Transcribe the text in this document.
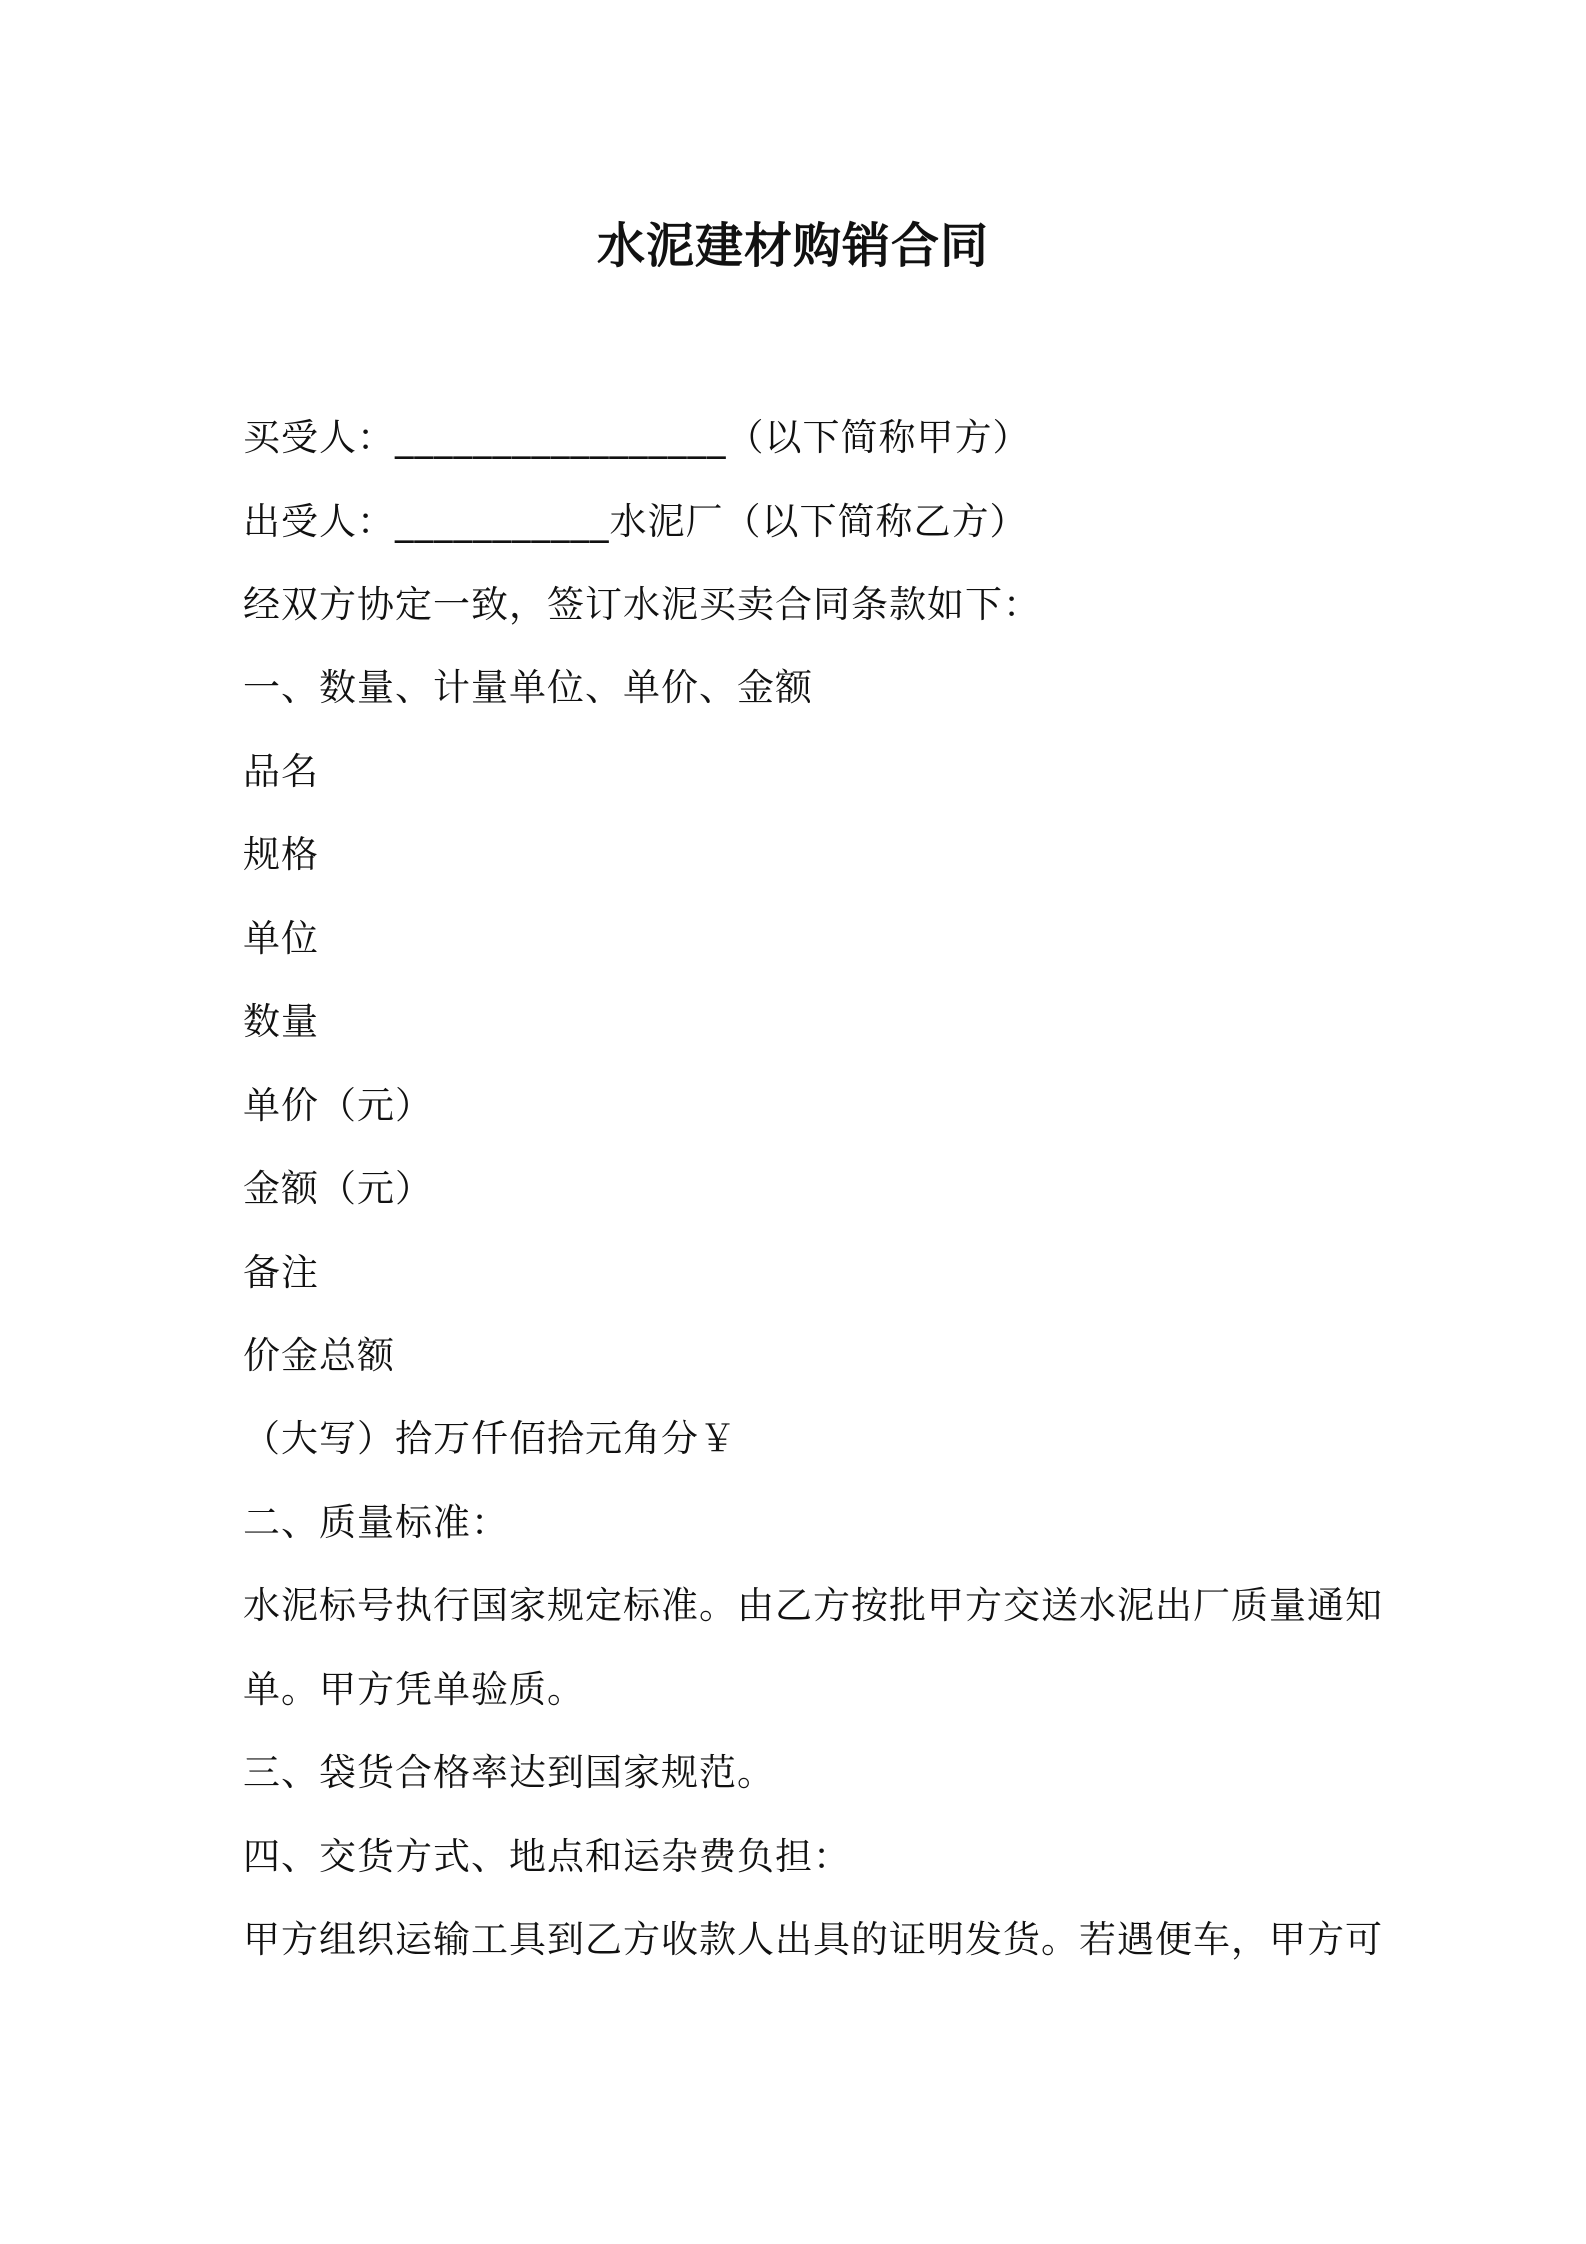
水泥建材购销合同
买受人：_________________（以下简称甲方）
出受人：___________水泥厂（以下简称乙方）
经双方协定一致，签订水泥买卖合同条款如下：
一、数量、计量单位、单价、金额
品名
规格
单位
数量
单价（元）
金额（元）
备注
价金总额
（大写）拾万仟佰拾元角分￥
二、质量标准：
水泥标号执行国家规定标准。由乙方按批甲方交送水泥出厂质量通知
单。甲方凭单验质。
三、袋货合格率达到国家规范。
四、交货方式、地点和运杂费负担：
甲方组织运输工具到乙方收款人出具的证明发货。若遇便车，甲方可
